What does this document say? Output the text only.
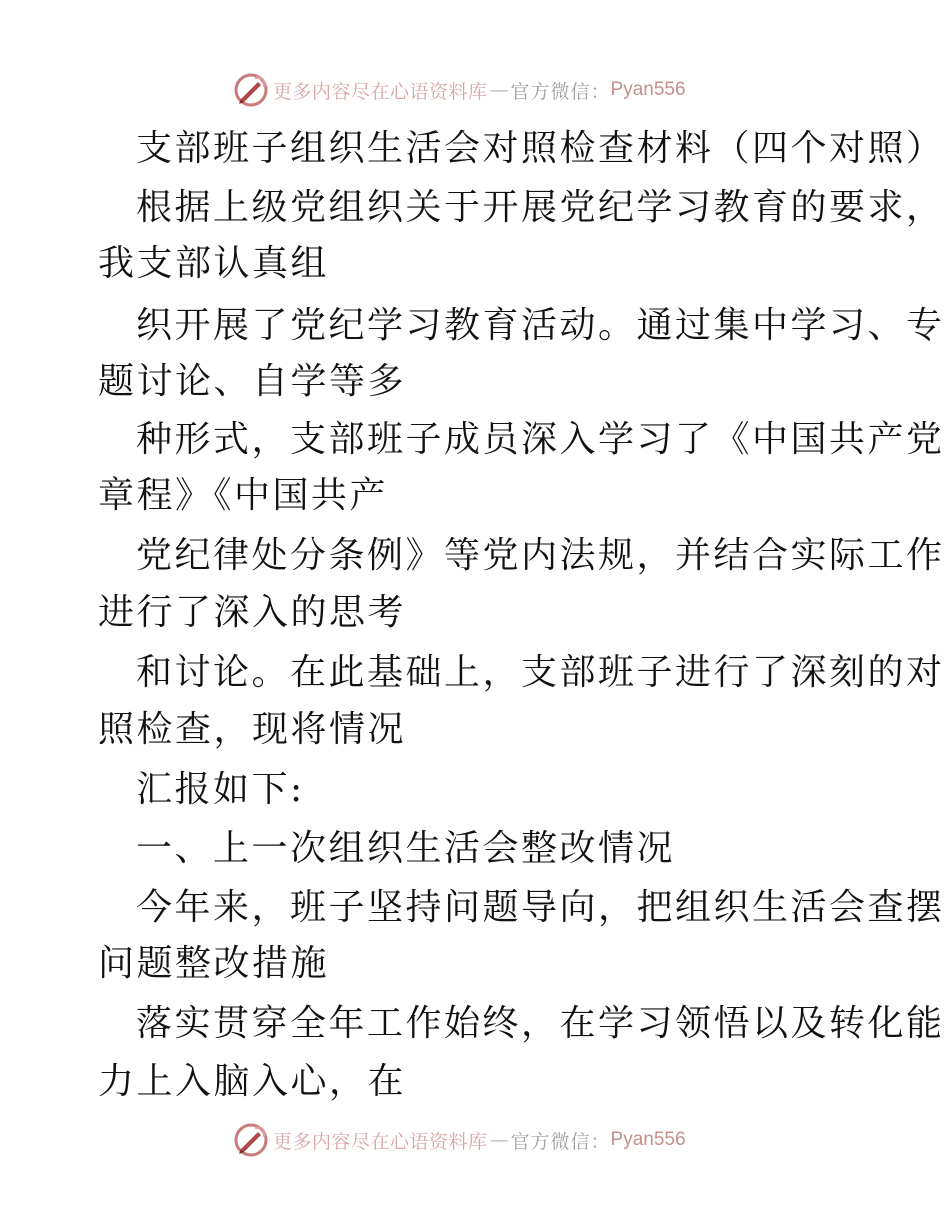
更多内容尽在心语资料库 — 官方微信： Pyan556
支部班子组织生活会对照检查材料（四个对照）
根据上级党组织关于开展党纪学习教育的要求，
我支部认真组
织开展了党纪学习教育活动。通过集中学习、专
题讨论、自学等多
种形式，支部班子成员深入学习了《中国共产党
章程》《中国共产
党纪律处分条例》等党内法规，并结合实际工作
进行了深入的思考
和讨论。在此基础上，支部班子进行了深刻的对
照检查，现将情况
汇报如下:
一、上一次组织生活会整改情况
今年来，班子坚持问题导向，把组织生活会查摆
问题整改措施
落实贯穿全年工作始终，在学习领悟以及转化能
力上入脑入心，在
更多内容尽在心语资料库 — 官方微信： Pyan556
